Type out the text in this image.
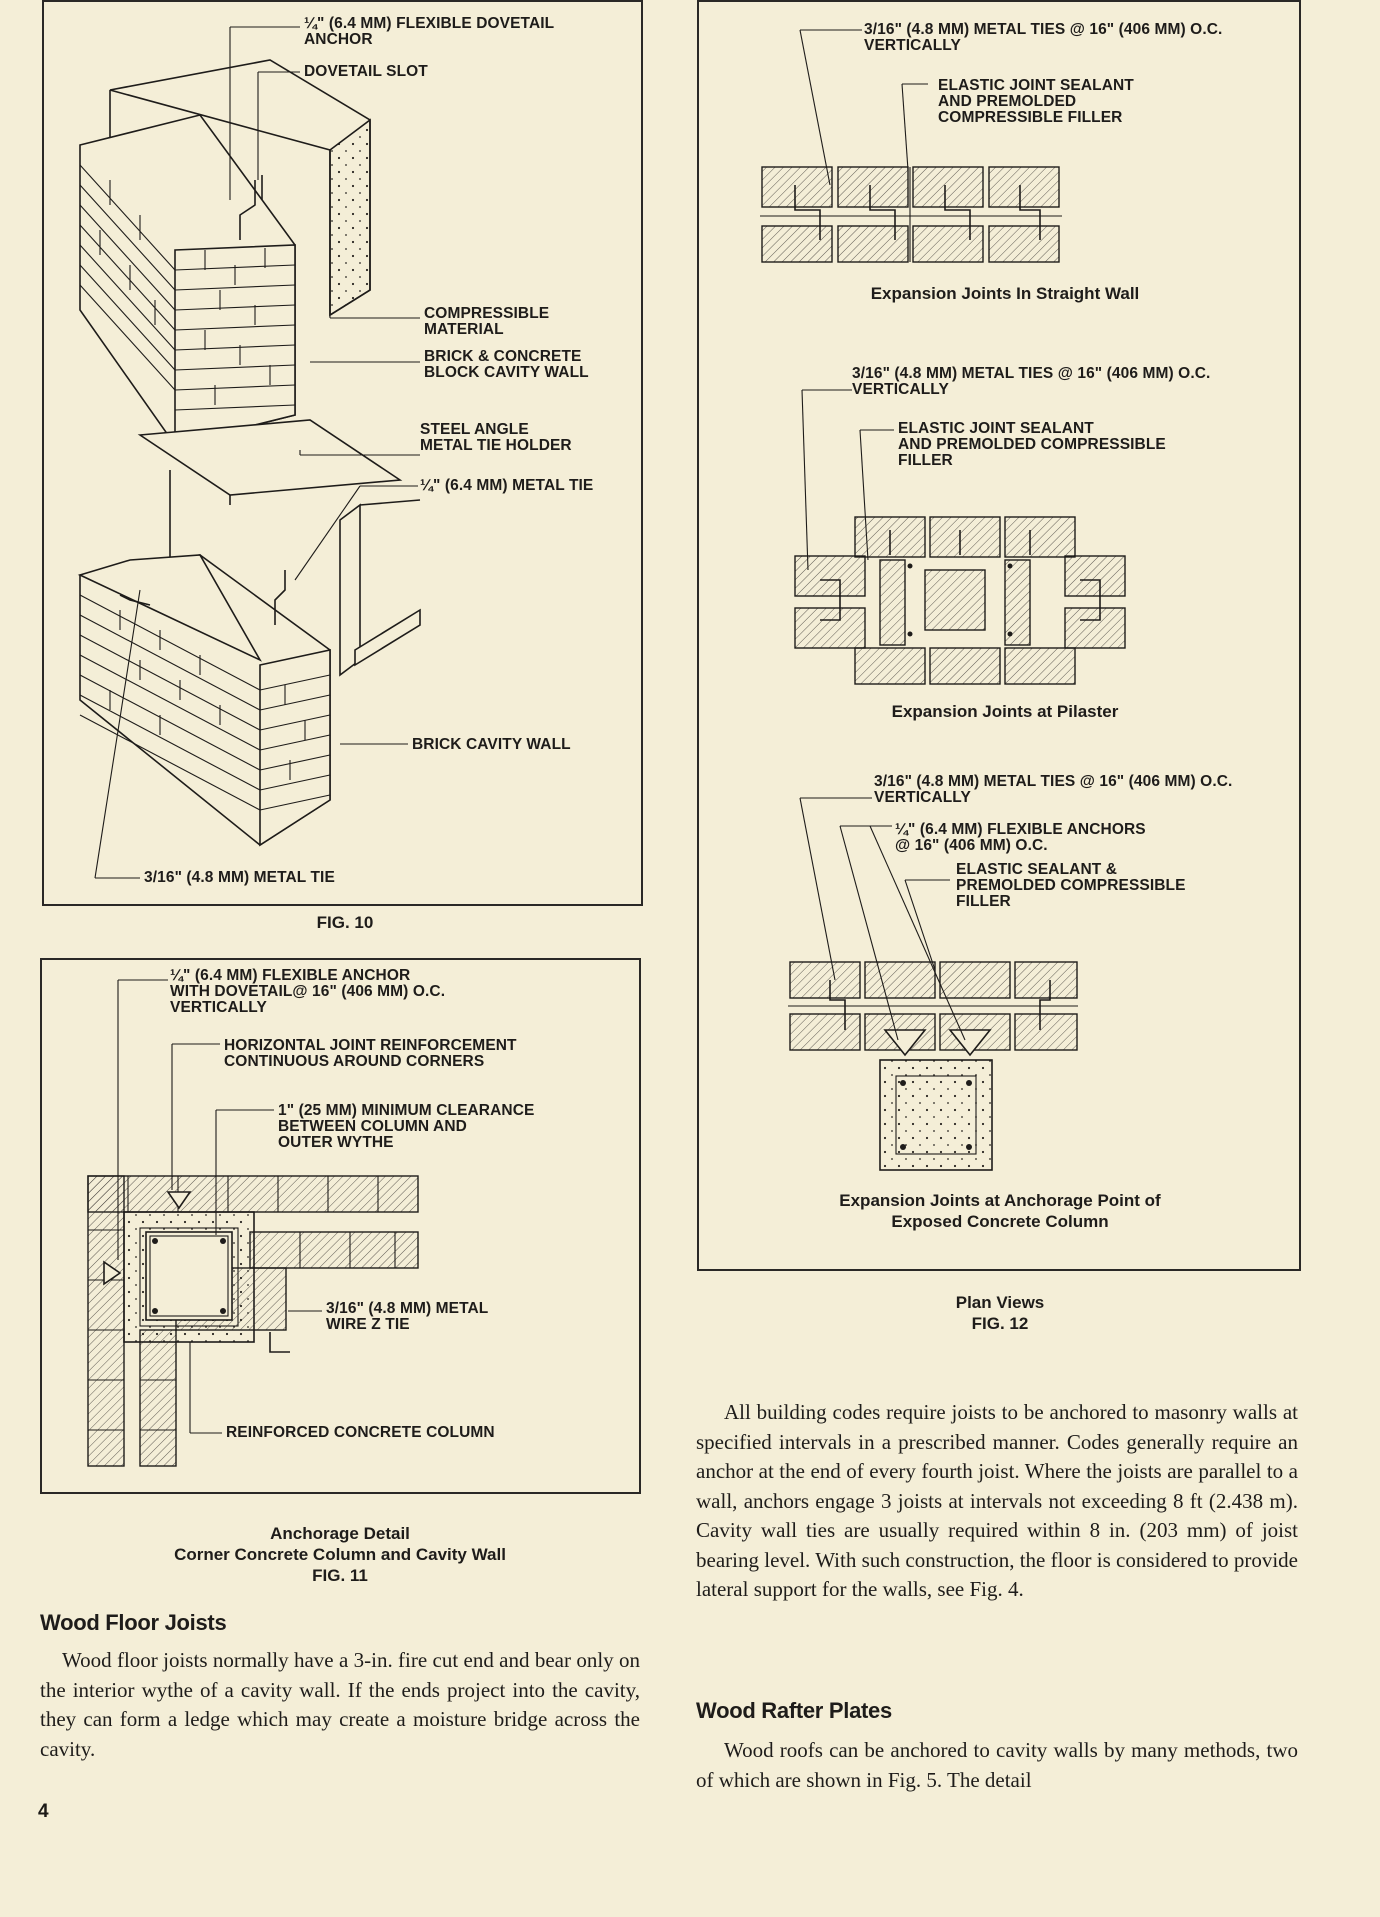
¼" (6.4 MM) FLEXIBLE DOVETAIL
ANCHOR
DOVETAIL SLOT
COMPRESSIBLE
MATERIAL
BRICK & CONCRETE
BLOCK CAVITY WALL
STEEL ANGLE
METAL TIE HOLDER
¼" (6.4 MM) METAL TIE
BRICK CAVITY WALL
3/16" (4.8 MM) METAL TIE
FIG. 10
¼" (6.4 MM) FLEXIBLE ANCHOR
WITH DOVETAIL@ 16" (406 MM) O.C.
VERTICALLY
HORIZONTAL JOINT REINFORCEMENT
CONTINUOUS AROUND CORNERS
1" (25 MM) MINIMUM CLEARANCE
BETWEEN COLUMN AND
OUTER WYTHE
3/16" (4.8 MM) METAL
WIRE Z TIE
REINFORCED CONCRETE COLUMN
Anchorage Detail
Corner Concrete Column and Cavity Wall
FIG. 11
3/16" (4.8 MM) METAL TIES @ 16" (406 MM) O.C.
VERTICALLY
ELASTIC JOINT SEALANT
AND PREMOLDED
COMPRESSIBLE FILLER
Expansion Joints In Straight Wall
3/16" (4.8 MM) METAL TIES @ 16" (406 MM) O.C.
VERTICALLY
ELASTIC JOINT SEALANT
AND PREMOLDED COMPRESSIBLE
FILLER
Expansion Joints at Pilaster
3/16" (4.8 MM) METAL TIES @ 16" (406 MM) O.C.
VERTICALLY
¼" (6.4 MM) FLEXIBLE ANCHORS
@ 16" (406 MM) O.C.
ELASTIC SEALANT &
PREMOLDED COMPRESSIBLE
FILLER
Expansion Joints at Anchorage Point of
Exposed Concrete Column
Plan Views
FIG. 12
Wood Floor Joists
Wood floor joists normally have a 3-in. fire cut end and bear only on the interior wythe of a cavity wall. If the ends project into the cavity, they can form a ledge which may create a moisture bridge across the cavity.
All building codes require joists to be anchored to masonry walls at specified intervals in a prescribed manner. Codes generally require an anchor at the end of every fourth joist. Where the joists are parallel to a wall, anchors engage 3 joists at intervals not exceeding 8 ft (2.438 m). Cavity wall ties are usually required within 8 in. (203 mm) of joist bearing level. With such construction, the floor is considered to provide lateral support for the walls, see Fig. 4.
Wood Rafter Plates
Wood roofs can be anchored to cavity walls by many methods, two of which are shown in Fig. 5. The detail
4
